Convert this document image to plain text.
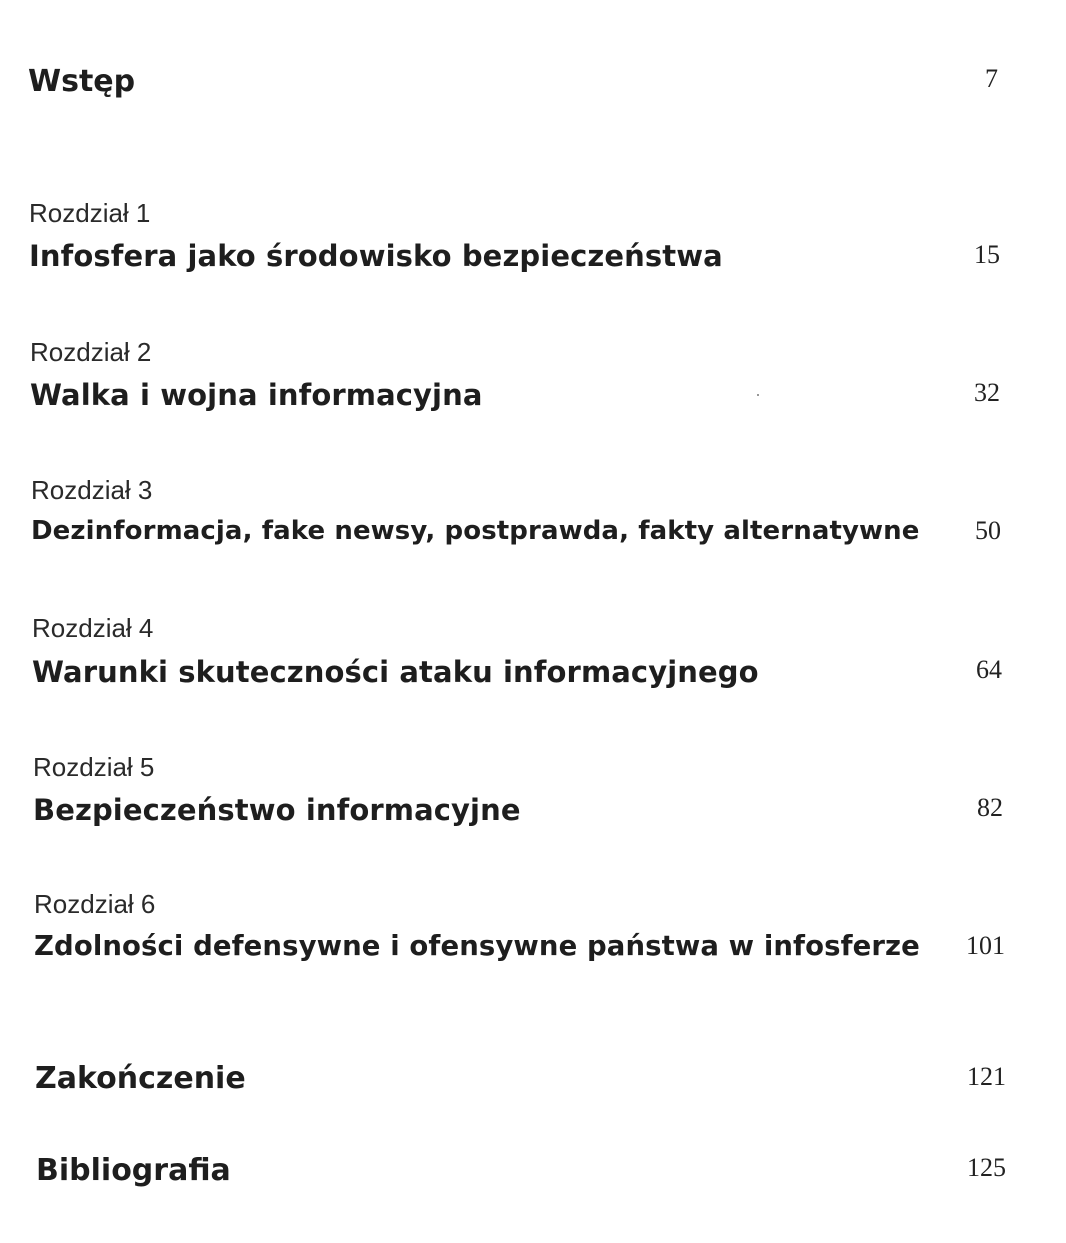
Wstęp	7
Rozdział 1
Infosfera jako środowisko bezpieczeństwa	15
Rozdział 2
Walka i wojna informacyjna	32
Rozdział 3
Dezinformacja, fake newsy, postprawda, fakty alternatywne 50
Rozdział 4
Warunki skuteczności ataku informacyjnego	64
Rozdział 5
Bezpieczeństwo informacyjne	82
Rozdział 6
Zdolności defensywne i ofensywne państwa w infosferze 101
Zakończenie	121
Bibliografia	125
